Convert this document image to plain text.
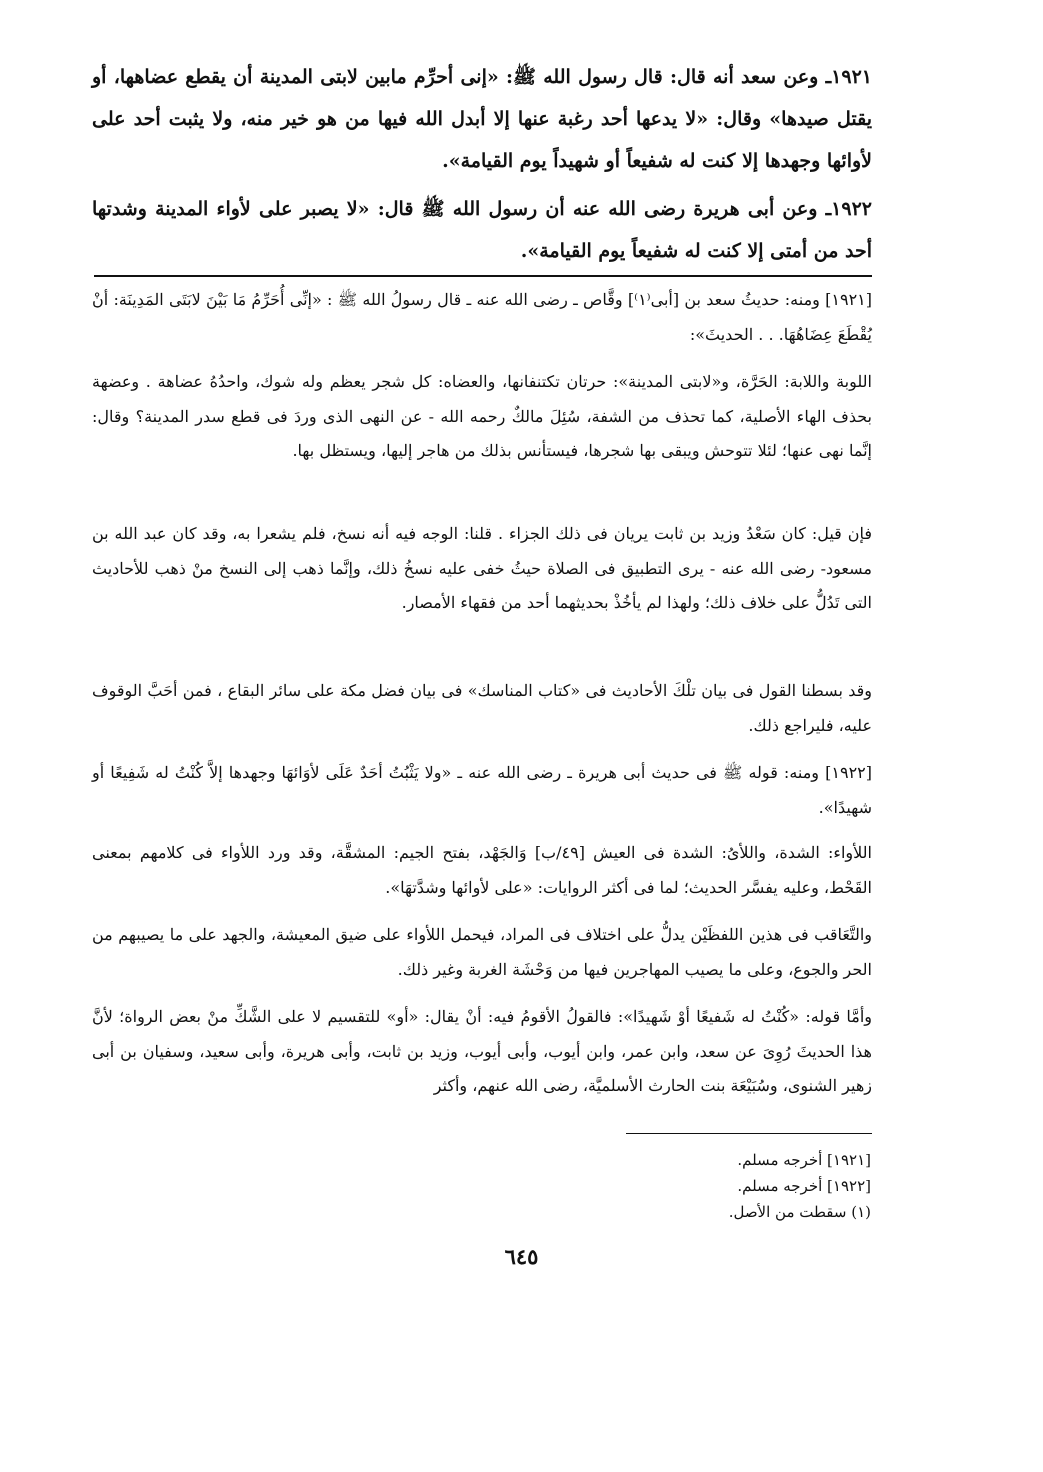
١٩٢١ـ وعن سعد أنه قال: قال رسول الله ﷺ: «إنى أحرِّم مابين لابتى المدينة أن يقطع عضاهها، أو يقتل صيدها» وقال: «لا يدعها أحد رغبة عنها إلا أبدل الله فيها من هو خير منه، ولا يثبت أحد على لأوائها وجهدها إلا كنت له شفيعاً أو شهيداً يوم القيامة».

١٩٢٢ـ وعن أبى هريرة رضى الله عنه أن رسول الله ﷺ قال: «لا يصبر على لأواء المدينة وشدتها أحد من أمتى إلا كنت له شفيعاً يوم القيامة».

[١٩٢١] ومنه: حديثُ سعد بن [أبى⁽١⁾] وقَّاص ـ رضى الله عنه ـ قال رسولُ الله ﷺ : «إنِّى أُحَرِّمُ مَا بَيْنَ لابَتَى المَدِينَة: أنْ يُقْطَعَ عِضَاهُهَا. . . الحديثَ»:

اللوبة واللابة: الحَرَّة، و«لابتى المدينة»: حرتان تكتنفانها، والعضاه: كل شجر يعظم وله شوك، واحدُهُ عضاهة . وعضهة بحذف الهاء الأصلية، كما تحذف من الشفة، سُئِلَ مالكٌ رحمه الله - عن النهى الذى وردَ فى قطع سدر المدينة؟ وقال: إنَّما نهى عنها؛ لئلا تتوحش ويبقى بها شجرها، فيستأنس بذلك من هاجر إليها، ويستظل بها.

فإن قيل: كان سَعْدُ وزيد بن ثابت يريان فى ذلك الجزاء . قلنا: الوجه فيه أنه نسخ، فلم يشعرا به، وقد كان عبد الله بن مسعود- رضى الله عنه - يرى التطبيق فى الصلاة حيثُ خفى عليه نسخُ ذلك، وإنَّما ذهب إلى النسخ منْ ذهب للأحاديث التى تَدُلُّ على خلاف ذلك؛ ولهذا لم يأخُذْ بحديثهما أحد من فقهاء الأمصار.

وقد بسطنا القول فى بيان تلْكَ الأحاديث فى «كتاب المناسك» فى بيان فضل مكة على سائر البقاع ، فمن أحَبَّ الوقوف عليه، فليراجع ذلك.

[١٩٢٢] ومنه: قوله ﷺ فى حديث أبى هريرة ـ رضى الله عنه ـ «ولا يَثْبُتُ أحَدٌ عَلَى لأوَائهَا وجهدها إلاَّ كُنْتُ له شَفِيعًا أو شهيدًا».

اللأواء: الشدة، واللأىُ: الشدة فى العيش [٤٩/ب] وَالجَهْد، بفتح الجيم: المشقَّة، وقد ورد اللأواء فى كلامهم بمعنى القَحْط، وعليه يفسَّر الحديث؛ لما فى أكثر الروايات: «على لأوائها وشدَّتهَا».

والتَّعَاقب فى هذين اللفظَيْن يدلُّ على اختلاف فى المراد، فيحمل اللأواء على ضيق المعيشة، والجهد على ما يصيبهم من الحر والجوع، وعلى ما يصيب المهاجرين فيها من وَحْشَة الغربة وغير ذلك.

وأمَّا قوله: «كُنْتُ له شَفيعًا أوْ شَهيدًا»: فالقولُ الأقومُ فيه: أنْ يقال: «أو» للتقسيم لا على الشَّكِّ منْ بعض الرواة؛ لأنَّ هذا الحديثَ رُوِىَ عن سعد، وابن عمر، وابن أيوب، وأبى أيوب، وزيد بن ثابت، وأبى هريرة، وأبى سعيد، وسفيان بن أبى زهير الشنوى، وسُبَيْعَة بنت الحارث الأسلميَّة، رضى الله عنهم، وأكثر

[١٩٢١] أخرجه مسلم.

[١٩٢٢] أخرجه مسلم.

(١) سقطت من الأصل.

٦٤٥
